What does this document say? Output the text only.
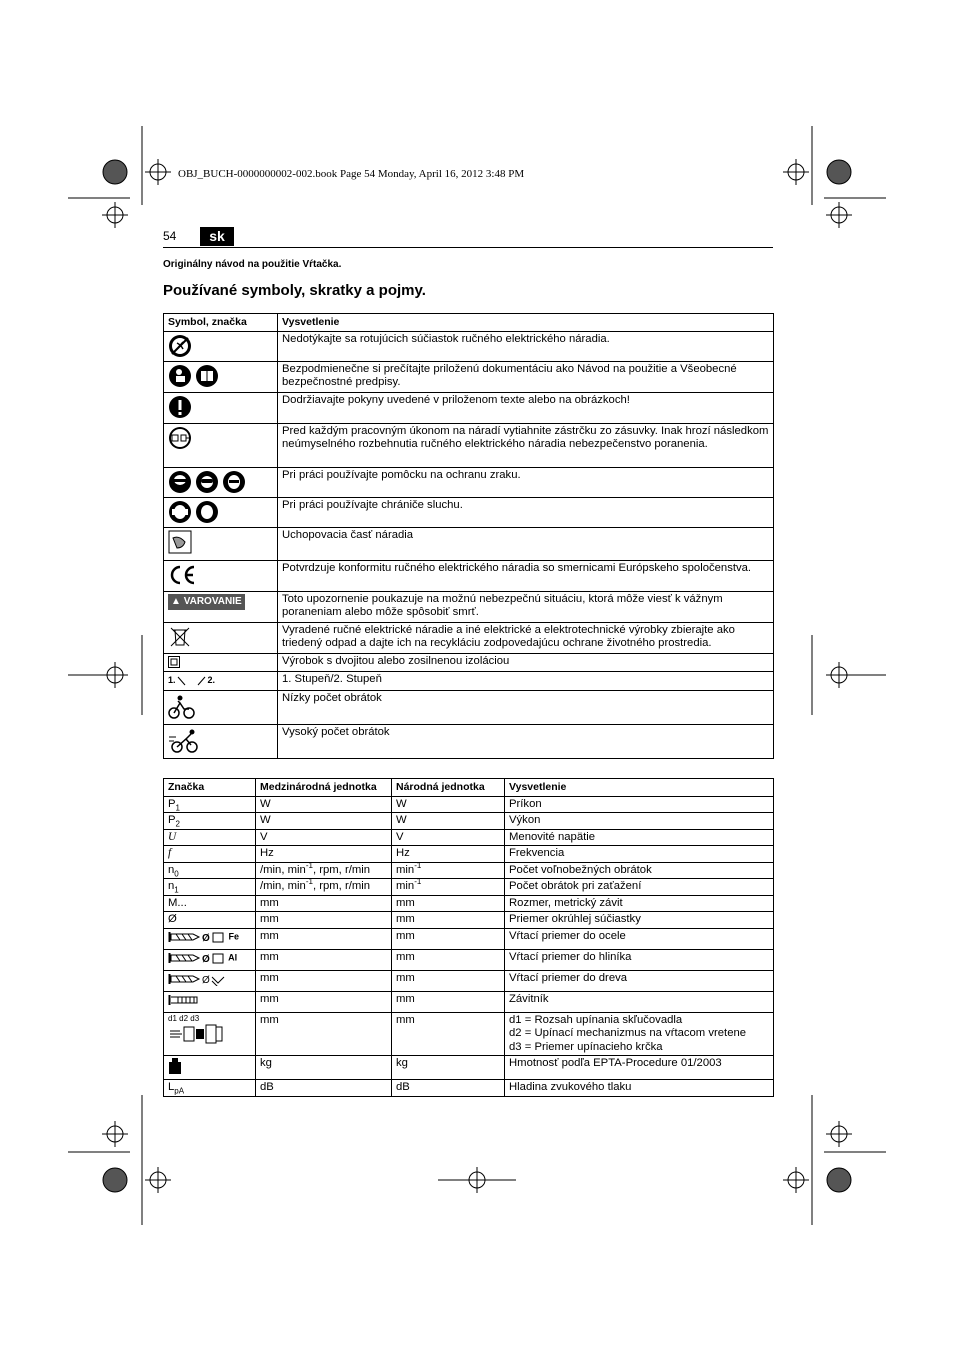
OBJ_BUCH-0000000002-002.book Page 54 Monday, April 16, 2012 3:48 PM
54	sk
Originálny návod na použitie Vŕtačka.
Používané symboly, skratky a pojmy.
Symbol, značka	Vysvetlenie
	Nedotýkajte sa rotujúcich súčiastok ručného elektrického náradia.
	Bezpodmienečne si prečítajte priloženú dokumentáciu ako Návod na použitie a Všeobecné bezpečnostné predpisy.
	Dodržiavajte pokyny uvedené v priloženom texte alebo na obrázkoch!
	Pred každým pracovným úkonom na náradí vytiahnite zástrčku zo zásuvky. Inak hrozí následkom neúmyselného rozbehnutia ručného elektrického náradia nebezpečenstvo poranenia.
	Pri práci používajte pomôcku na ochranu zraku.
	Pri práci používajte chrániče sluchu.
	Uchopovacia časť náradia
	Potvrdzuje konformitu ručného elektrického náradia so smernicami Európskeho spoločenstva.
▲ VAROVANIE	Toto upozornenie poukazuje na možnú nebezpečnú situáciu, ktorá môže viesť k vážnym poraneniam alebo môže spôsobiť smrť.
	Vyradené ručné elektrické náradie a iné elektrické a elektrotechnické výrobky zbierajte ako triedený odpad a dajte ich na recykláciu zodpovedajúcu ochrane životného prostredia.
	Výrobok s dvojitou alebo zosilnenou izoláciou
1. 2.	1. Stupeň/2. Stupeň
	Nízky počet obrátok
	Vysoký počet obrátok
Značka	Medzinárodná jednotka	Národná jednotka	Vysvetlenie
$P_1$	W	W	Príkon
$P_2$	W	W	Výkon
U	V	V	Menovité napätie
f	Hz	Hz	Frekvencia
$n_0$	/min, $\min^{-1}$, rpm, r/min	$\min^{-1}$	Počet voľnobežných obrátok
$n_1$	/min, $\min^{-1}$, rpm, r/min	$\min^{-1}$	Počet obrátok pri zaťažení
M...	mm	mm	Rozmer, metrický závit
Ø	mm	mm	Priemer okrúhlej súčiastky

Ø Fe	mm	mm	Vŕtací priemer do ocele

Ø Al	mm	mm	Vŕtací priemer do hliníka

Ø	mm	mm	Vŕtací priemer do dreva
	mm	mm	Závitník
d1 d2 d3	mm	mm	d1 = Rozsah upínania skľučovadla
d2 = Upínací mechanizmus na vŕtacom vretene
d3 = Priemer upínacieho krčka

	kg	kg	Hmotnosť podľa EPTA-Procedure 01/2003
$L_{pA}$	dB	dB	Hladina zvukového tlaku
